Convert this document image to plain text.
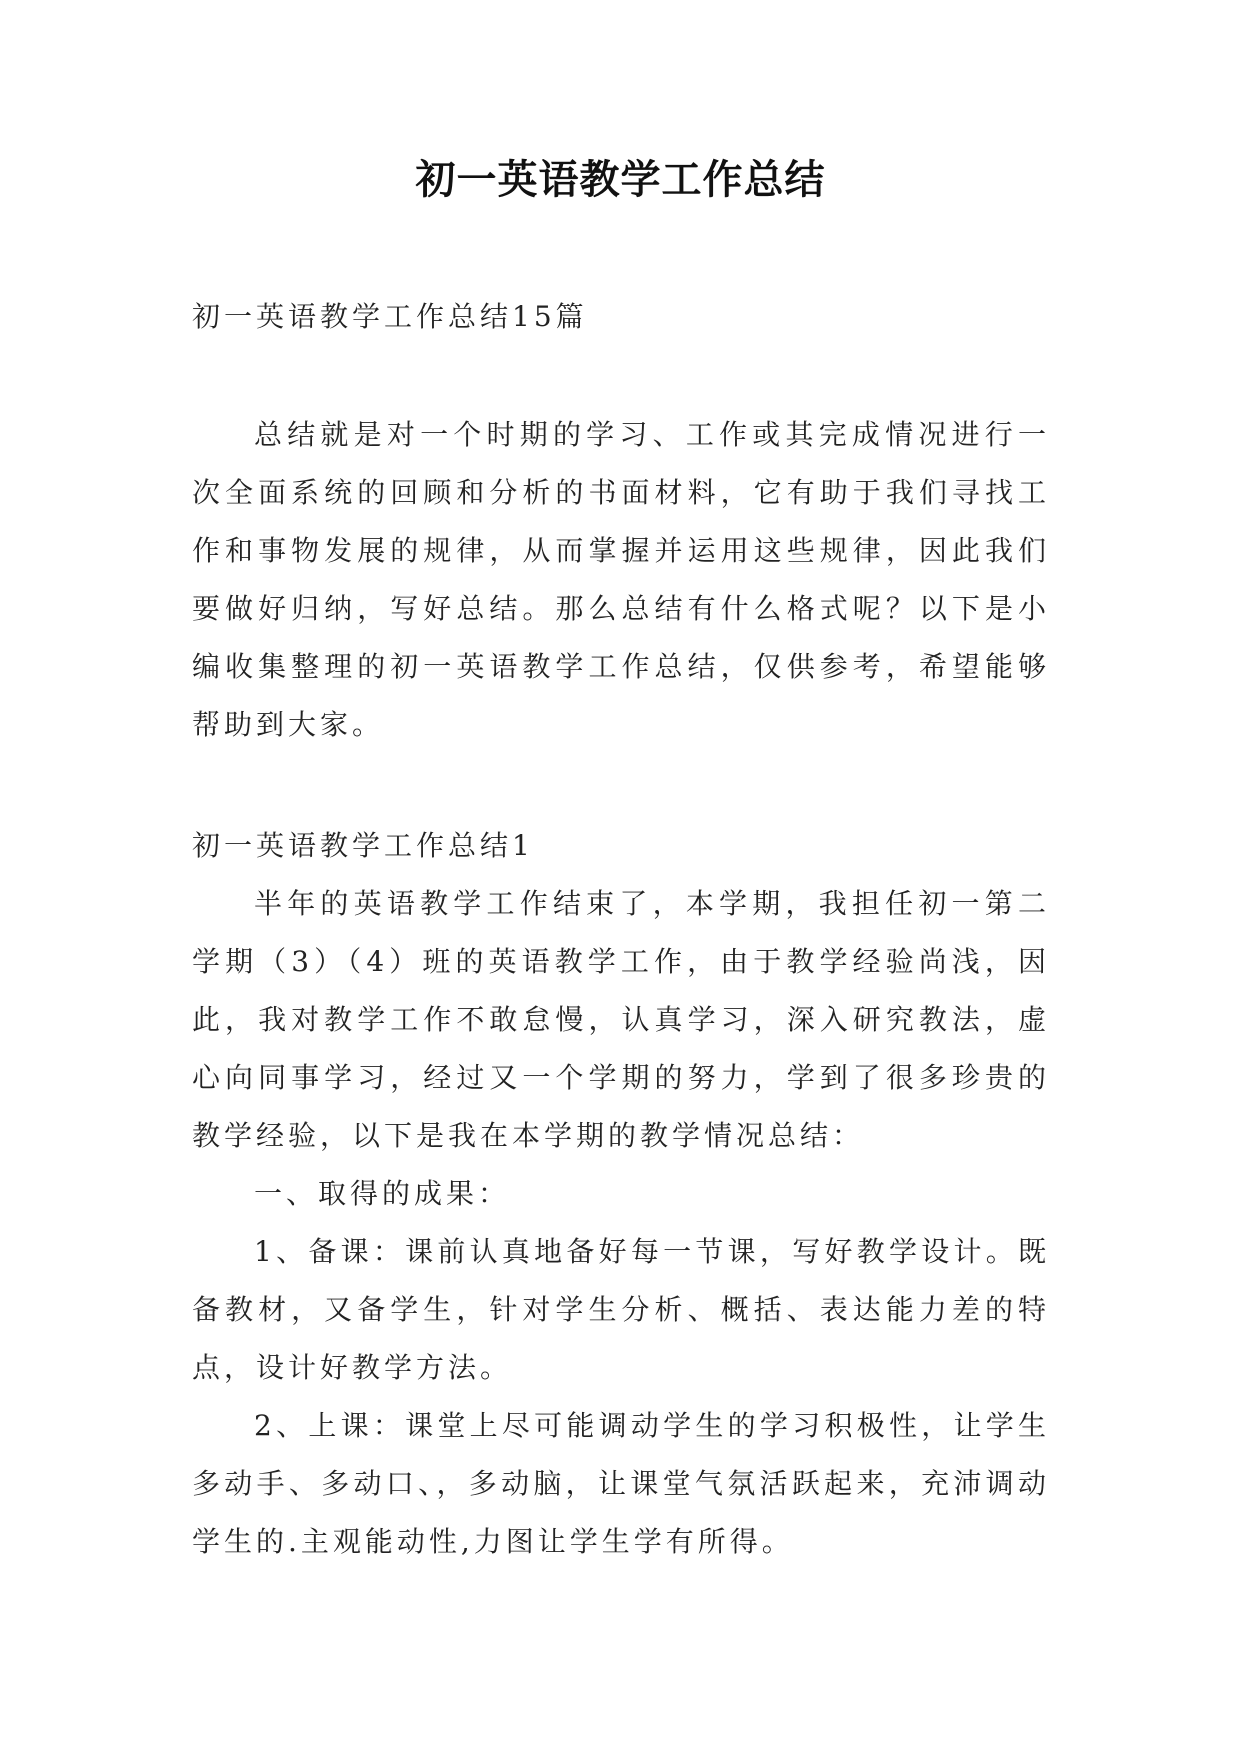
初一英语教学工作总结

初一英语教学工作总结15篇

总结就是对一个时期的学习、工作或其完成情况进行一次全面系统的回顾和分析的书面材料，它有助于我们寻找工作和事物发展的规律，从而掌握并运用这些规律，因此我们要做好归纳，写好总结。那么总结有什么格式呢？以下是小编收集整理的初一英语教学工作总结，仅供参考，希望能够帮助到大家。

初一英语教学工作总结1

半年的英语教学工作结束了，本学期，我担任初一第二学期（3）（4）班的英语教学工作，由于教学经验尚浅，因此，我对教学工作不敢怠慢，认真学习，深入研究教法，虚心向同事学习，经过又一个学期的努力，学到了很多珍贵的教学经验，以下是我在本学期的教学情况总结：

一、取得的成果：

1、备课：课前认真地备好每一节课，写好教学设计。既备教材，又备学生，针对学生分析、概括、表达能力差的特点，设计好教学方法。

2、上课：课堂上尽可能调动学生的学习积极性，让学生多动手、多动口、，多动脑，让课堂气氛活跃起来，充沛调动学生的.主观能动性,力图让学生学有所得。
